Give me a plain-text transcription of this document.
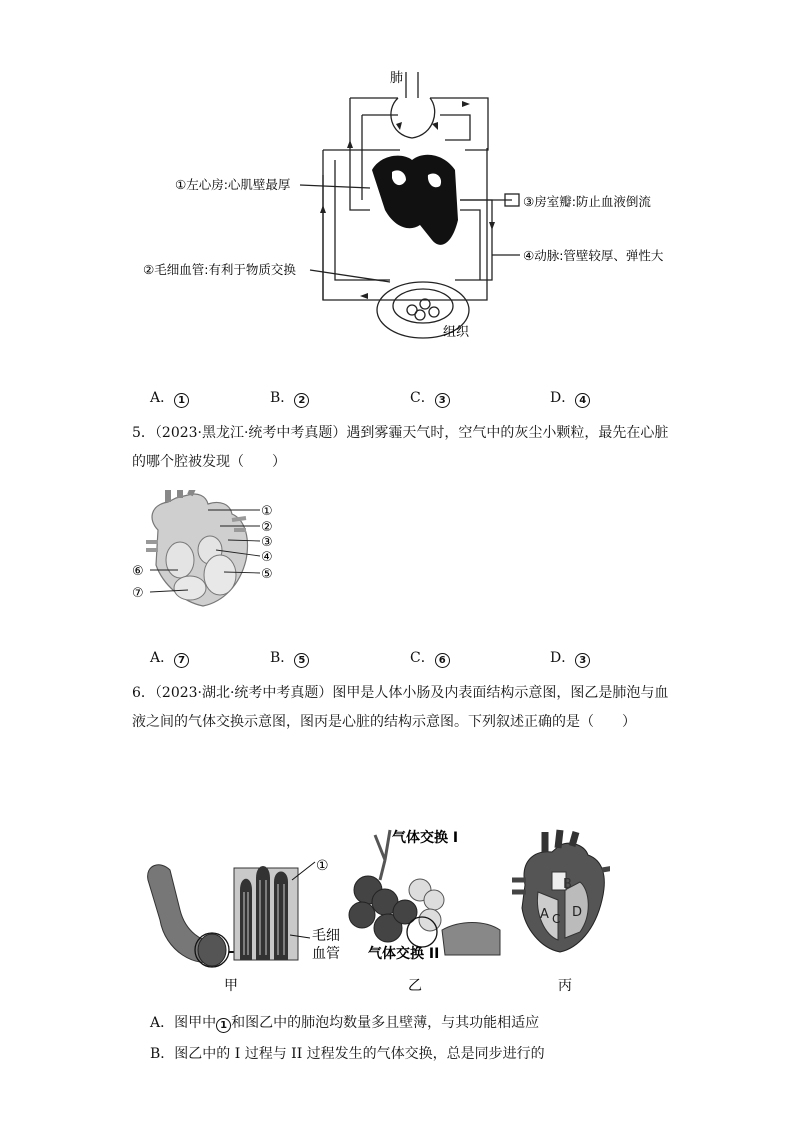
肺
组织
①左心房:心肌壁最厚
②毛细血管:有利于物质交换
③房室瓣:防止血液倒流
④动脉:管壁较厚、弹性大
A． 1	B． 2	C． 3	D． 4
5．（2023·黑龙江·统考中考真题）遇到雾霾天气时，空气中的灰尘小颗粒，最先在心脏
的哪个腔被发现（　　）
①
②
③
④
⑤
⑥
⑦
A． 7	B． 5	C． 6	D． 3
6．（2023·湖北·统考中考真题）图甲是人体小肠及内表面结构示意图，图乙是肺泡与血
液之间的气体交换示意图，图丙是心脏的结构示意图。下列叙述正确的是（　　）
①
毛细
血管
甲
气体交换 I
气体交换 II
乙
B
A C D
丙
A．图甲中 1 和图乙中的肺泡均数量多且壁薄，与其功能相适应
B．图乙中的 I 过程与 II 过程发生的气体交换，总是同步进行的
